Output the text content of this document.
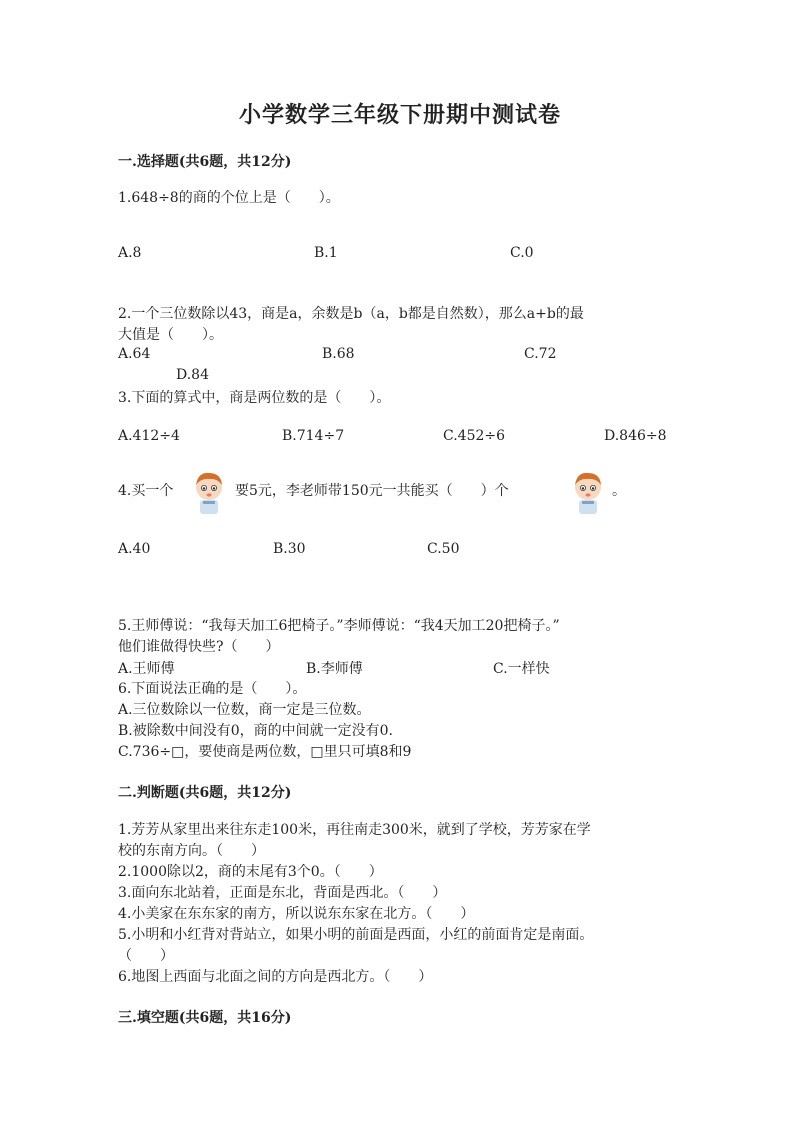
小学数学三年级下册期中测试卷
一.选择题(共6题，共12分)
1.648÷8的商的个位上是（　　）。
A.8	B.1	C.0
2.一个三位数除以43，商是a，余数是b（a，b都是自然数），那么a+b的最
大值是（　　）。
A.64	B.68	C.72
D.84
3.下面的算式中，商是两位数的是（　　）。
A.412÷4	B.714÷7	C.452÷6	D.846÷8
4.买一个	要5元，李老师带150元一共能买（　　）个	。
A.40	B.30	C.50
5.王师傅说：“我每天加工6把椅子。”李师傅说：“我4天加工20把椅子。”
他们谁做得快些?（　　）
A.王师傅	B.李师傅	C.一样快
6.下面说法正确的是（　　）。
A.三位数除以一位数，商一定是三位数。
B.被除数中间没有0，商的中间就一定没有0.
C.736÷□，要使商是两位数，□里只可填8和9
二.判断题(共6题，共12分)
1.芳芳从家里出来往东走100米，再往南走300米，就到了学校，芳芳家在学
校的东南方向。（　　）
2.1000除以2，商的末尾有3个0。（　　）
3.面向东北站着，正面是东北，背面是西北。（　　）
4.小美家在东东家的南方，所以说东东家在北方。（　　）
5.小明和小红背对背站立，如果小明的前面是西面，小红的前面肯定是南面。
（　　）
6.地图上西面与北面之间的方向是西北方。（　　）
三.填空题(共6题，共16分)
